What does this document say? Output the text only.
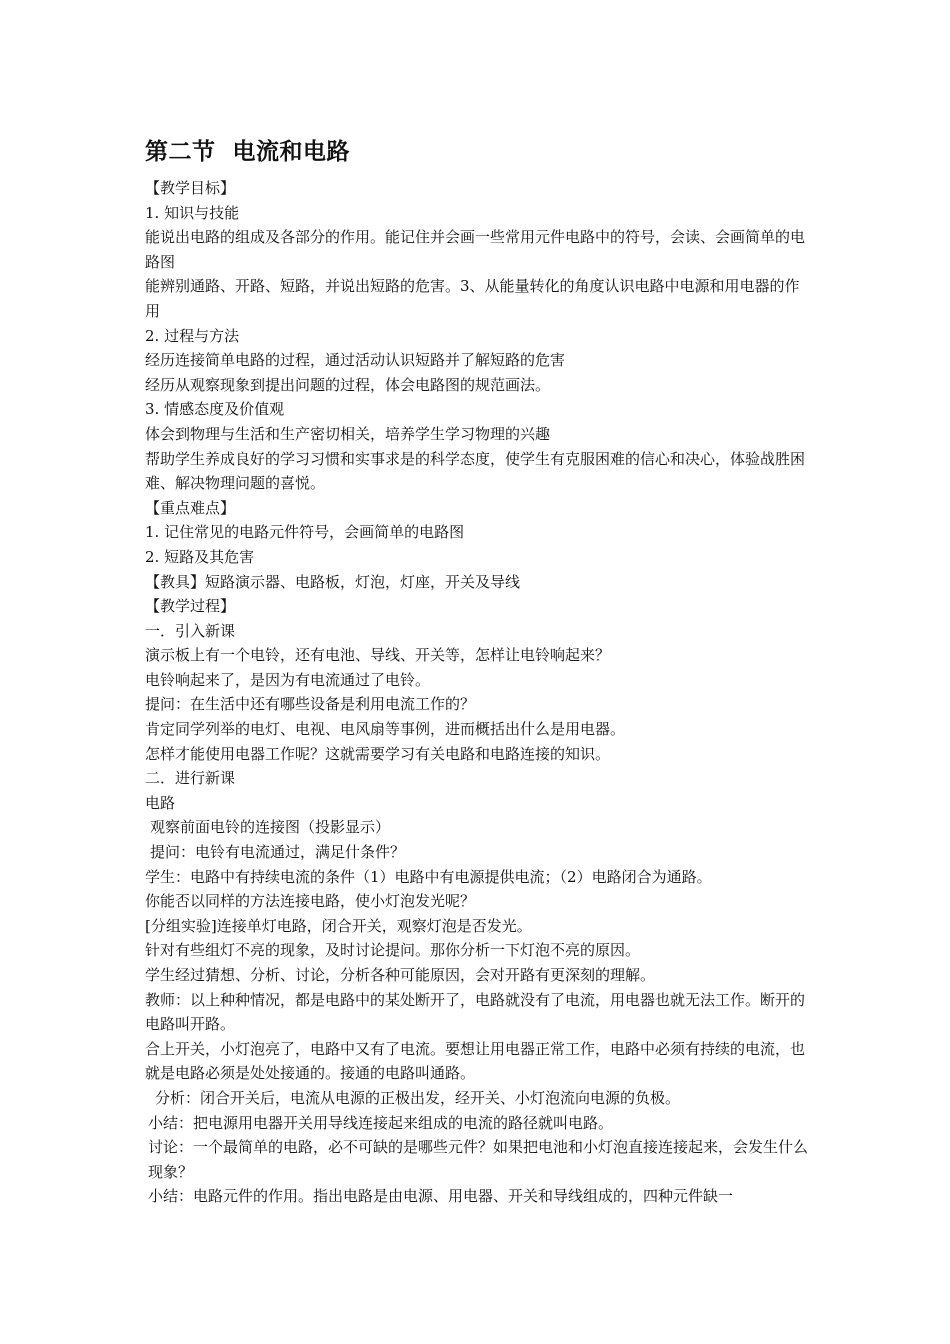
第二节  电流和电路

【教学目标】

1. 知识与技能

能说出电路的组成及各部分的作用。能记住并会画一些常用元件电路中的符号，会读、会画简单的电路图

能辨别通路、开路、短路，并说出短路的危害。3、从能量转化的角度认识电路中电源和用电器的作用

2. 过程与方法

经历连接简单电路的过程，通过活动认识短路并了解短路的危害

经历从观察现象到提出问题的过程，体会电路图的规范画法。

3. 情感态度及价值观

体会到物理与生活和生产密切相关，培养学生学习物理的兴趣

帮助学生养成良好的学习习惯和实事求是的科学态度，使学生有克服困难的信心和决心，体验战胜困难、解决物理问题的喜悦。

【重点难点】

1. 记住常见的电路元件符号，会画简单的电路图

2. 短路及其危害

【教具】短路演示器、电路板，灯泡，灯座，开关及导线

【教学过程】

一．引入新课

演示板上有一个电铃，还有电池、导线、开关等，怎样让电铃响起来？

电铃响起来了，是因为有电流通过了电铃。

提问：在生活中还有哪些设备是利用电流工作的？

肯定同学列举的电灯、电视、电风扇等事例，进而概括出什么是用电器。

怎样才能使用电器工作呢？这就需要学习有关电路和电路连接的知识。

二．进行新课

电路

观察前面电铃的连接图（投影显示）

提问：电铃有电流通过，满足什条件？

学生：电路中有持续电流的条件（1）电路中有电源提供电流；（2）电路闭合为通路。

你能否以同样的方法连接电路，使小灯泡发光呢？

[分组实验]连接单灯电路，闭合开关，观察灯泡是否发光。

针对有些组灯不亮的现象，及时讨论提问。那你分析一下灯泡不亮的原因。

学生经过猜想、分析、讨论，分析各种可能原因，会对开路有更深刻的理解。

教师：以上种种情况，都是电路中的某处断开了，电路就没有了电流，用电器也就无法工作。断开的电路叫开路。

合上开关，小灯泡亮了，电路中又有了电流。要想让用电器正常工作，电路中必须有持续的电流，也就是电路必须是处处接通的。接通的电路叫通路。

分析：闭合开关后，电流从电源的正极出发，经开关、小灯泡流向电源的负极。

小结：把电源用电器开关用导线连接起来组成的电流的路径就叫电路。

讨论：一个最简单的电路，必不可缺的是哪些元件？如果把电池和小灯泡直接连接起来，会发生什么现象？

小结：电路元件的作用。指出电路是由电源、用电器、开关和导线组成的，四种元件缺一
